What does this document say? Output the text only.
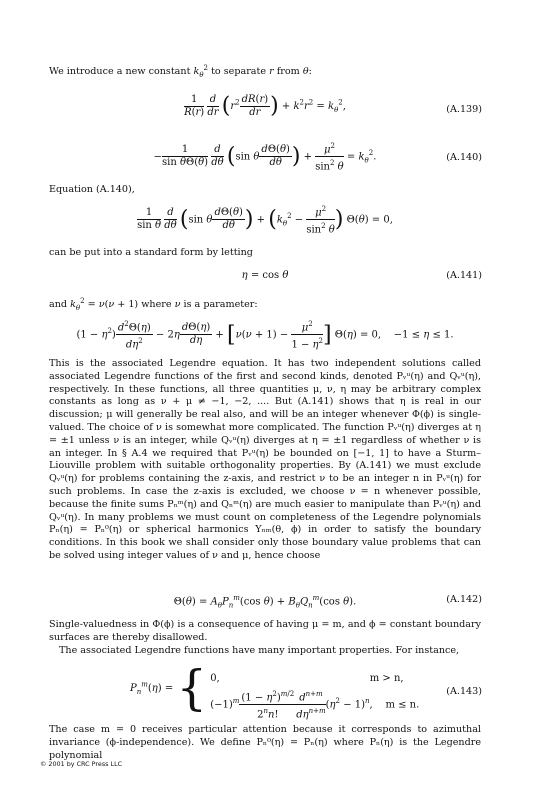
We introduce a new constant $k_\theta^2$ to separate r from θ:
$\frac{1}{R(r)}$
$\frac{d}{dr} (r^2 \frac{dR(r)}{dr}$ ) + $k^2r^2 = k_\theta^2$,	(A.139)
− $\frac{1}{\text{sin θΘ(θ)}}$
$\frac{d}{d\theta} (\sin$ θ $\frac{d\Theta(\theta)}{d\theta}$ ) + $\frac{\mu^2}{\sin^2 \theta} = k_\theta^2$.	(A.140)
Equation (A.140),
$\frac{1}{\text{sin θ}}$
$\frac{d}{d\theta} (\sin$ θ $\frac{d\Theta(\theta)}{d\theta}$ ) + ($k_\theta^2 - \frac{\mu^2}{\sin^2 \theta}$ ) Θ(θ) = 0,
can be put into a standard form by letting
η = cos θ	(A.141)
and $k_\theta^2 = \nu(\nu + 1)$ where ν is a parameter:
$(1 - \eta^2) \frac{d^2\Theta(\eta)}{d\eta^2} - 2\eta \frac{d\Theta(\eta)}{d\eta} + [\nu(\nu + 1) - \frac{\mu^2}{1 - \eta^2}$ ] Θ(η) = 0,    −1 ≤ η ≤ 1.
This is the associated Legendre equation. It has two independent solutions called associated Legendre functions of the first and second kinds, denoted Pᵥᵘ(η) and Qᵥᵘ(η), respectively. In these functions, all three quantities μ, ν, η may be arbitrary complex constants as long as ν + μ ≠ −1, −2, .... But (A.141) shows that η is real in our discussion; μ will generally be real also, and will be an integer whenever Φ(ϕ) is single-valued. The choice of ν is somewhat more complicated. The function Pᵥᵘ(η) diverges at η = ±1 unless ν is an integer, while Qᵥᵘ(η) diverges at η = ±1 regardless of whether ν is an integer. In § A.4 we required that Pᵥᵘ(η) be bounded on [−1, 1] to have a Sturm–Liouville problem with suitable orthogonality properties. By (A.141) we must exclude Qᵥᵘ(η) for problems containing the z-axis, and restrict ν to be an integer n in Pᵥᵘ(η) for such problems. In case the z-axis is excluded, we choose ν = n whenever possible, because the finite sums Pₙᵐ(η) and Qₙᵐ(η) are much easier to manipulate than Pᵥᵘ(η) and Qᵥᵘ(η). In many problems we must count on completeness of the Legendre polynomials Pₙ(η) = Pₙ⁰(η) or spherical harmonics Yₙₘ(θ, ϕ) in order to satisfy the boundary conditions. In this book we shall consider only those boundary value problems that can be solved using integer values of ν and μ, hence choose
$\Theta(\theta) = A_\theta P_n^m(\cos$ $\theta) + B_\theta Q_n^m(\cos$ θ).	(A.142)
Single-valuedness in Φ(ϕ) is a consequence of having μ = m, and ϕ = constant boundary surfaces are thereby disallowed.
The associated Legendre functions have many important properties. For instance,
$P_n^m(\eta)$ = { 0,	m > n,
$(-1)^m \frac{(1 - \eta^2)^{m/2}}{2^nn!} \frac{d^{n+m}}{d\eta^{n+m}} (\eta^2 - 1)^n$,    m ≤ n.
(A.143)
The case m = 0 receives particular attention because it corresponds to azimuthal invariance (ϕ-independence). We define Pₙ⁰(η) = Pₙ(η) where Pₙ(η) is the Legendre polynomial
© 2001 by CRC Press LLC
